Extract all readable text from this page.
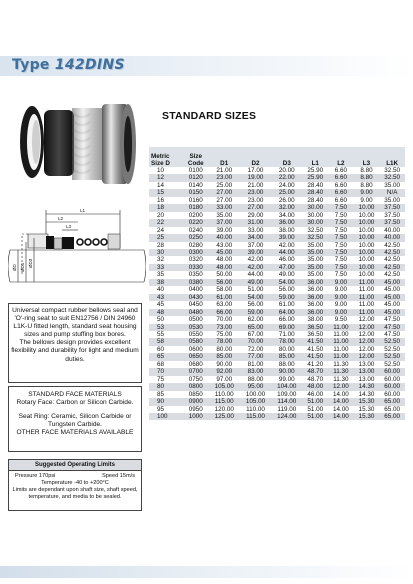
Type 142DINS
L1
L2
L3
ØD ØD1 ØD3
STANDARD SIZES
Metric
Size D	Size
Code	D1	D2	D3	L1	L2	L3	L1K
10	0100	21.00	17.00	20.00	25.90	6.60	8.80	32.50
12	0120	23.00	19.00	22.00	25.90	6.60	8.80	32.50
14	0140	25.00	21.00	24.00	28.40	6.60	8.80	35.00
15	0150	27.00	23.00	25.00	28.40	6.60	9.00	N/A
16	0160	27.00	23.00	26.00	28.40	6.60	9.00	35.00
18	0180	33.00	27.00	32.00	30.00	7.50	10.00	37.50
20	0200	35.00	29.00	34.00	30.00	7.50	10.00	37.50
22	0220	37.00	31.00	36.00	30.00	7.50	10.00	37.50
24	0240	39.00	33.00	38.00	32.50	7.50	10.00	40.00
25	0250	40.00	34.00	39.00	32.50	7.50	10.00	40.00
28	0280	43.00	37.00	42.00	35.00	7.50	10.00	42.50
30	0300	45.00	39.00	44.00	35.00	7.50	10.00	42.50
32	0320	48.00	42.00	46.00	35.00	7.50	10.00	42.50
33	0330	48.00	42.00	47.00	35.00	7.50	10.00	42.50
35	0350	50.00	44.00	49.00	35.00	7.50	10.00	42.50
38	0380	56.00	49.00	54.00	36.00	9.00	11.00	45.00
40	0400	58.00	51.00	56.00	36.00	9.00	11.00	45.00
43	0430	61.00	54.00	59.00	36.00	9.00	11.00	45.00
45	0450	63.00	56.00	61.00	36.00	9.00	11.00	45.00
48	0480	66.00	59.00	64.00	36.00	9.00	11.00	45.00
50	0500	70.00	62.00	66.00	38.00	9.50	12.00	47.50
53	0530	73.00	65.00	69.00	36.50	11.00	12.00	47.50
55	0550	75.00	67.00	71.00	36.50	11.00	12.00	47.50
58	0580	78.00	70.00	78.00	41.50	11.00	12.00	52.50
60	0600	80.00	72.00	80.00	41.50	11.00	12.00	52.50
65	0650	85.00	77.00	85.00	41.50	11.00	12.00	52.50
68	0680	90.00	81.00	88.00	41.20	11.30	13.00	52.50
70	0700	92.00	83.00	90.00	48.70	11.30	13.00	60.00
75	0750	97.00	88.00	99.00	48.70	11.30	13.00	60.00
80	0800	105.00	95.00	104.00	48.00	12.00	14.30	60.00
85	0850	110.00	100.00	109.00	46.00	14.00	14.30	60.00
90	0900	115.00	105.00	114.00	51.00	14.00	15.30	65.00
95	0950	120.00	110.00	119.00	51.00	14.00	15.30	65.00
100	1000	125.00	115.00	124.00	51.00	14.00	15.30	65.00

Universal compact rubber bellows seal and 'O'-ring seat to suit EN12756 / DIN 24960 L1K-U fitted length, standard seat housing sizes and pump stuffing box bores.

The bellows design provides excellent flexibility and durability for light and medium duties.

STANDARD FACE MATERIALS

Rotary Face: Carbon or Silicon Carbide.

Seat Ring: Ceramic, Silicon Carbide or Tungsten Carbide.

OTHER FACE MATERIALS AVAILABLE

Suggested Operating Limits
Pressure 170psi	Speed 15m/s
Temperature -40 to +200°C
Limits are dependant upon shaft size, shaft speed, temperature, and media to be sealed.
